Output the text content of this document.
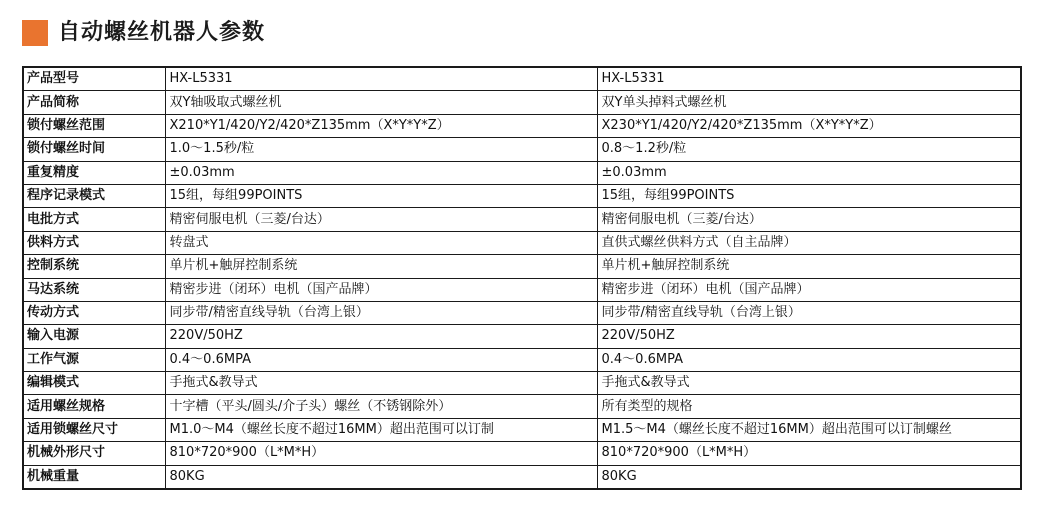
自动螺丝机器人参数
产品型号	HX-L5331	HX-L5331
产品简称	双Y轴吸取式螺丝机	双Y单头掉料式螺丝机
锁付螺丝范围	X210*Y1/420/Y2/420*Z135mm（X*Y*Y*Z）	X230*Y1/420/Y2/420*Z135mm（X*Y*Y*Z）
锁付螺丝时间	1.0～1.5秒/粒	0.8～1.2秒/粒
重复精度	±0.03mm	±0.03mm
程序记录模式	15组，每组99POINTS	15组，每组99POINTS
电批方式	精密伺服电机（三菱/台达）	精密伺服电机（三菱/台达）
供料方式	转盘式	直供式螺丝供料方式（自主品牌）
控制系统	单片机+触屏控制系统	单片机+触屏控制系统
马达系统	精密步进（闭环）电机（国产品牌）	精密步进（闭环）电机（国产品牌）
传动方式	同步带/精密直线导轨（台湾上银）	同步带/精密直线导轨（台湾上银）
输入电源	220V/50HZ	220V/50HZ
工作气源	0.4～0.6MPA	0.4～0.6MPA
编辑模式	手拖式&教导式	手拖式&教导式
适用螺丝规格	十字槽（平头/圆头/介子头）螺丝（不锈钢除外）	所有类型的规格
适用锁螺丝尺寸	M1.0～M4（螺丝长度不超过16MM）超出范围可以订制	M1.5～M4（螺丝长度不超过16MM）超出范围可以订制螺丝
机械外形尺寸	810*720*900（L*M*H）	810*720*900（L*M*H）
机械重量	80KG	80KG
